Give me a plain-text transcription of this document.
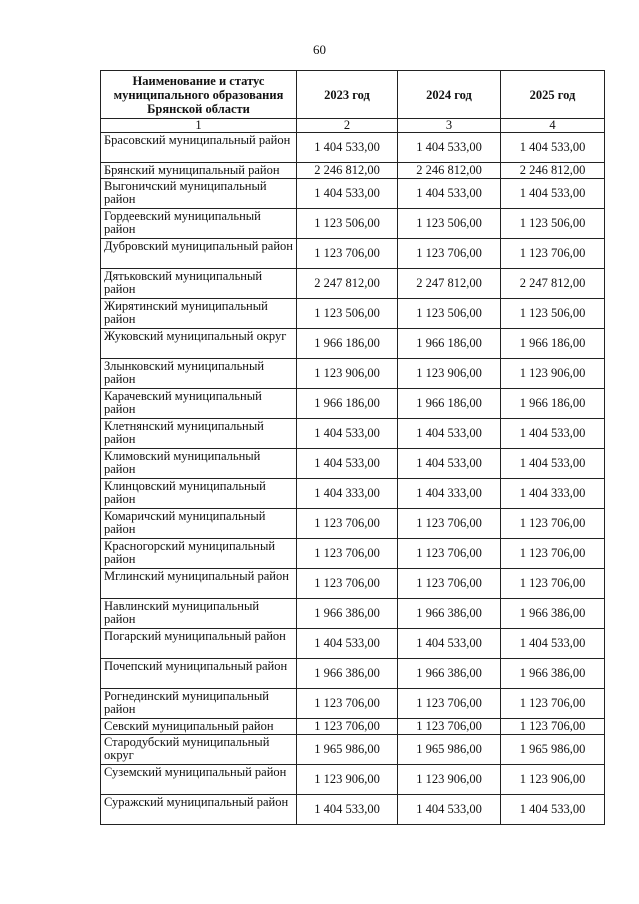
60
Наименование и статус муниципального образования Брянской области	2023 год	2024 год	2025 год
1	2	3	4
Брасовский муниципальный район	1 404 533,00	1 404 533,00	1 404 533,00
Брянский муниципальный район	2 246 812,00	2 246 812,00	2 246 812,00
Выгоничский муниципальный район	1 404 533,00	1 404 533,00	1 404 533,00
Гордеевский муниципальный район	1 123 506,00	1 123 506,00	1 123 506,00
Дубровский муниципальный район	1 123 706,00	1 123 706,00	1 123 706,00
Дятьковский муниципальный район	2 247 812,00	2 247 812,00	2 247 812,00
Жирятинский муниципальный район	1 123 506,00	1 123 506,00	1 123 506,00
Жуковский муниципальный округ	1 966 186,00	1 966 186,00	1 966 186,00
Злынковский муниципальный район	1 123 906,00	1 123 906,00	1 123 906,00
Карачевский муниципальный район	1 966 186,00	1 966 186,00	1 966 186,00
Клетнянский муниципальный район	1 404 533,00	1 404 533,00	1 404 533,00
Климовский муниципальный район	1 404 533,00	1 404 533,00	1 404 533,00
Клинцовский муниципальный район	1 404 333,00	1 404 333,00	1 404 333,00
Комаричский муниципальный район	1 123 706,00	1 123 706,00	1 123 706,00
Красногорский муниципальный район	1 123 706,00	1 123 706,00	1 123 706,00
Мглинский муниципальный район	1 123 706,00	1 123 706,00	1 123 706,00
Навлинский муниципальный район	1 966 386,00	1 966 386,00	1 966 386,00
Погарский муниципальный район	1 404 533,00	1 404 533,00	1 404 533,00
Почепский муниципальный район	1 966 386,00	1 966 386,00	1 966 386,00
Рогнединский муниципальный район	1 123 706,00	1 123 706,00	1 123 706,00
Севский муниципальный район	1 123 706,00	1 123 706,00	1 123 706,00
Стародубский муниципальный округ	1 965 986,00	1 965 986,00	1 965 986,00
Суземский муниципальный район	1 123 906,00	1 123 906,00	1 123 906,00
Суражский муниципальный район	1 404 533,00	1 404 533,00	1 404 533,00
